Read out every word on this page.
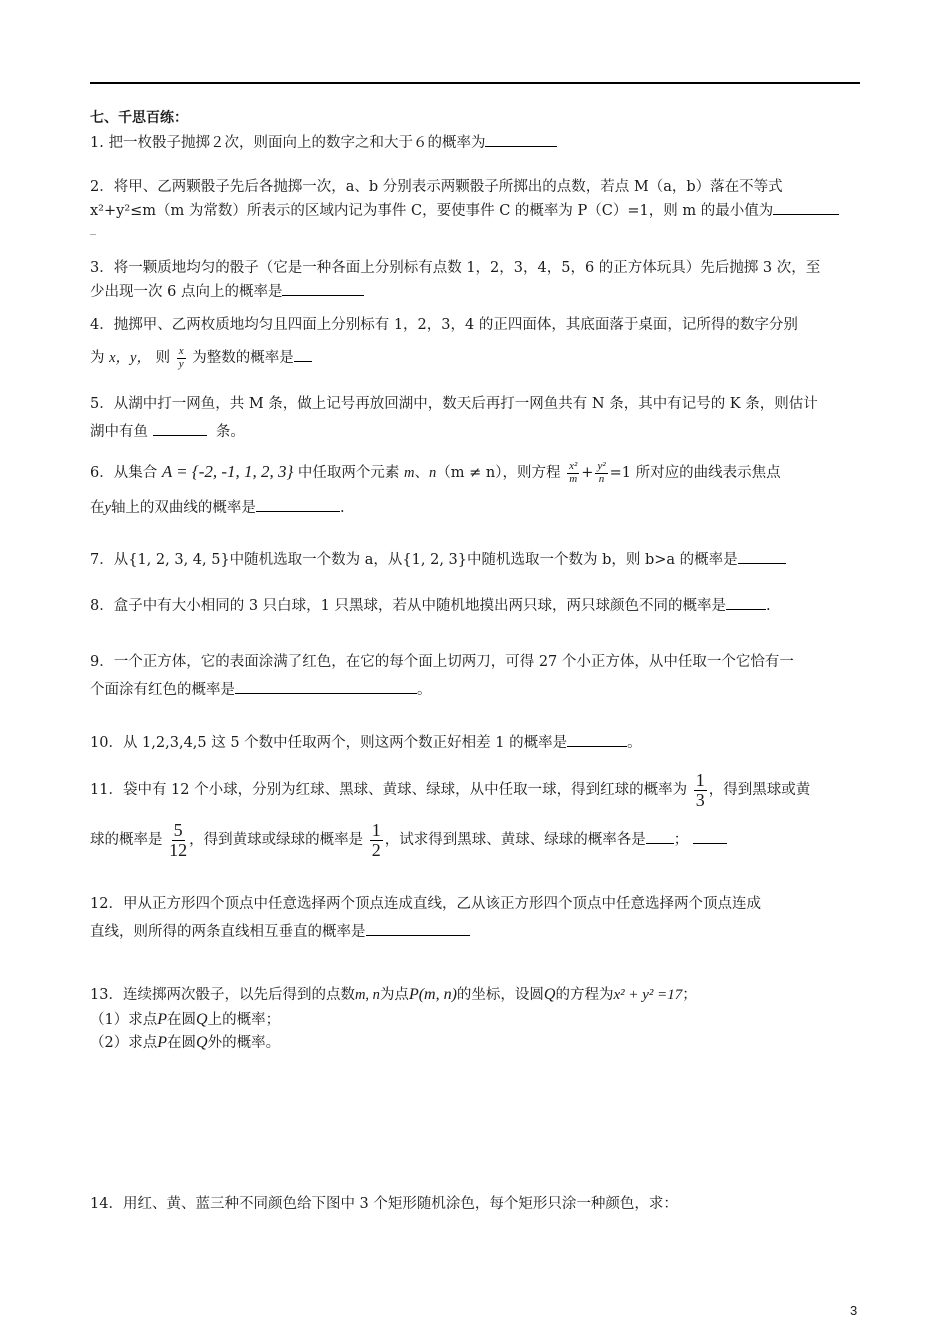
七、千思百练：
1. 把一枚骰子抛掷２次，则面向上的数字之和大于６的概率为
2．将甲、乙两颗骰子先后各抛掷一次，a、b 分别表示两颗骰子所掷出的点数，若点 M（a，b）落在不等式
x²+y²≤m（m 为常数）所表示的区域内记为事件 C，要使事件 C 的概率为 P（C）=1，则 m 的最小值为
_
3．将一颗质地均匀的骰子（它是一种各面上分别标有点数 1，2，3，4，5，6 的正方体玩具）先后抛掷 3 次，至
少出现一次 6 点向上的概率是
4．抛掷甲、乙两枚质地均匀且四面上分别标有 1，2，3，4 的正四面体，其底面落于桌面，记所得的数字分别
为 x，y， 则 $\frac{x}{y}$ 为整数的概率是
5．从湖中打一网鱼，共 M 条，做上记号再放回湖中，数天后再打一网鱼共有 N 条，其中有记号的 K 条，则估计
湖中有鱼	条。
6．从集合 A = {-2, -1, 1, 2, 3} 中任取两个元素 m、n（m ≠ n），则方程 $\frac{\text{x²}}{m} + \frac{\text{y²}}{n} =1$ 所对应的曲线表示焦点
在y轴上的双曲线的概率是	.
7．从{1, 2, 3, 4, 5}中随机选取一个数为 a，从{1, 2, 3}中随机选取一个数为 b，则 b>a 的概率是
8．盒子中有大小相同的 3 只白球，1 只黑球，若从中随机地摸出两只球，两只球颜色不同的概率是	.
9．一个正方体，它的表面涂满了红色，在它的每个面上切两刀，可得 27 个小正方体，从中任取一个它恰有一
个面涂有红色的概率是	。
10．从 1,2,3,4,5 这 5 个数中任取两个，则这两个数正好相差 1 的概率是	。
11．袋中有 12 个小球，分别为红球、黑球、黄球、绿球，从中任取一球，得到红球的概率为 $\frac{1}{3}$ ，得到黑球或黄
球的概率是 $\frac{5}{12}$ ，得到黄球或绿球的概率是 $\frac{1}{2}$ ，试求得到黑球、黄球、绿球的概率各是 ；
12．甲从正方形四个顶点中任意选择两个顶点连成直线，乙从该正方形四个顶点中任意选择两个顶点连成
直线，则所得的两条直线相互垂直的概率是
13．连续掷两次骰子，以先后得到的点数m, n为点P(m, n)的坐标，设圆Q的方程为x² + y² =17；
（1）求点P在圆Q上的概率；
（2）求点P在圆Q外的概率。
14．用红、黄、蓝三种不同颜色给下图中 3 个矩形随机涂色，每个矩形只涂一种颜色，求：
3
